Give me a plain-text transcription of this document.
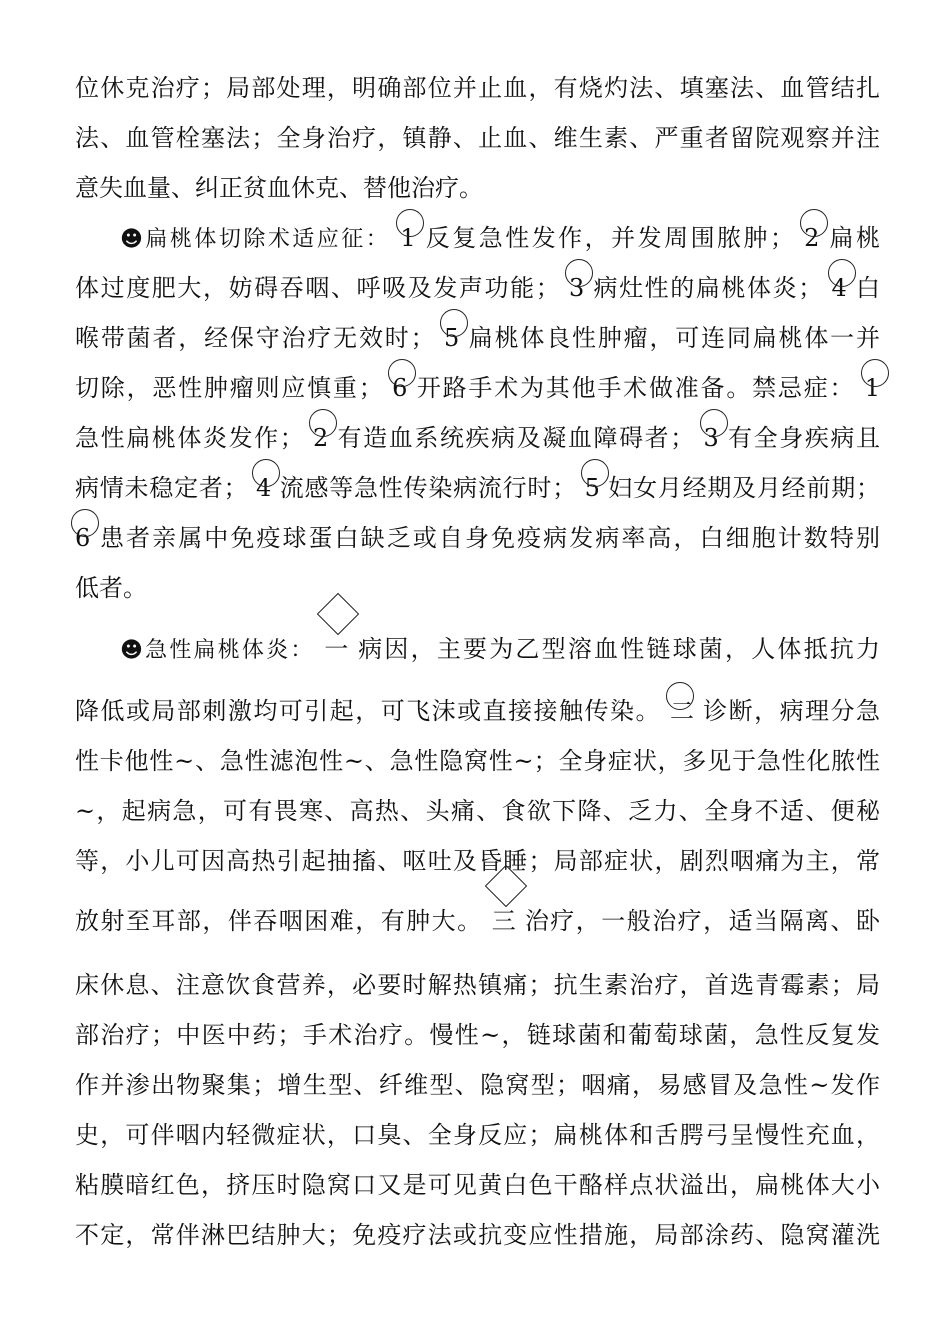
位休克治疗；局部处理，明确部位并止血，有烧灼法、填塞法、血管结扎
法、血管栓塞法；全身治疗，镇静、止血、维生素、严重者留院观察并注
意失血量、纠正贫血休克、替他治疗。
☻扁桃体切除术适应征： 1 反复急性发作，并发周围脓肿； 2 扁桃
体过度肥大，妨碍吞咽、呼吸及发声功能； 3 病灶性的扁桃体炎； 4 白
喉带菌者，经保守治疗无效时； 5 扁桃体良性肿瘤，可连同扁桃体一并
切除，恶性肿瘤则应慎重； 6 开路手术为其他手术做准备。禁忌症： 1
急性扁桃体炎发作； 2 有造血系统疾病及凝血障碍者； 3 有全身疾病且
病情未稳定者； 4 流感等急性传染病流行时； 5 妇女月经期及月经前期；
6 患者亲属中免疫球蛋白缺乏或自身免疫病发病率高，白细胞计数特别
低者。
☻急性扁桃体炎： 一 病因，主要为乙型溶血性链球菌，人体抵抗力
降低或局部刺激均可引起，可飞沫或直接接触传染。 二 诊断，病理分急
性卡他性~、急性滤泡性~、急性隐窝性~；全身症状，多见于急性化脓性
~，起病急，可有畏寒、高热、头痛、食欲下降、乏力、全身不适、便秘
等，小儿可因高热引起抽搐、呕吐及昏睡；局部症状，剧烈咽痛为主，常
放射至耳部，伴吞咽困难，有肿大。 三 治疗，一般治疗，适当隔离、卧
床休息、注意饮食营养，必要时解热镇痛；抗生素治疗，首选青霉素；局
部治疗；中医中药；手术治疗。慢性~，链球菌和葡萄球菌，急性反复发
作并渗出物聚集；增生型、纤维型、隐窝型；咽痛，易感冒及急性~发作
史，可伴咽内轻微症状，口臭、全身反应；扁桃体和舌腭弓呈慢性充血，
粘膜暗红色，挤压时隐窝口又是可见黄白色干酪样点状溢出，扁桃体大小
不定，常伴淋巴结肿大；免疫疗法或抗变应性措施，局部涂药、隐窝灌洗
